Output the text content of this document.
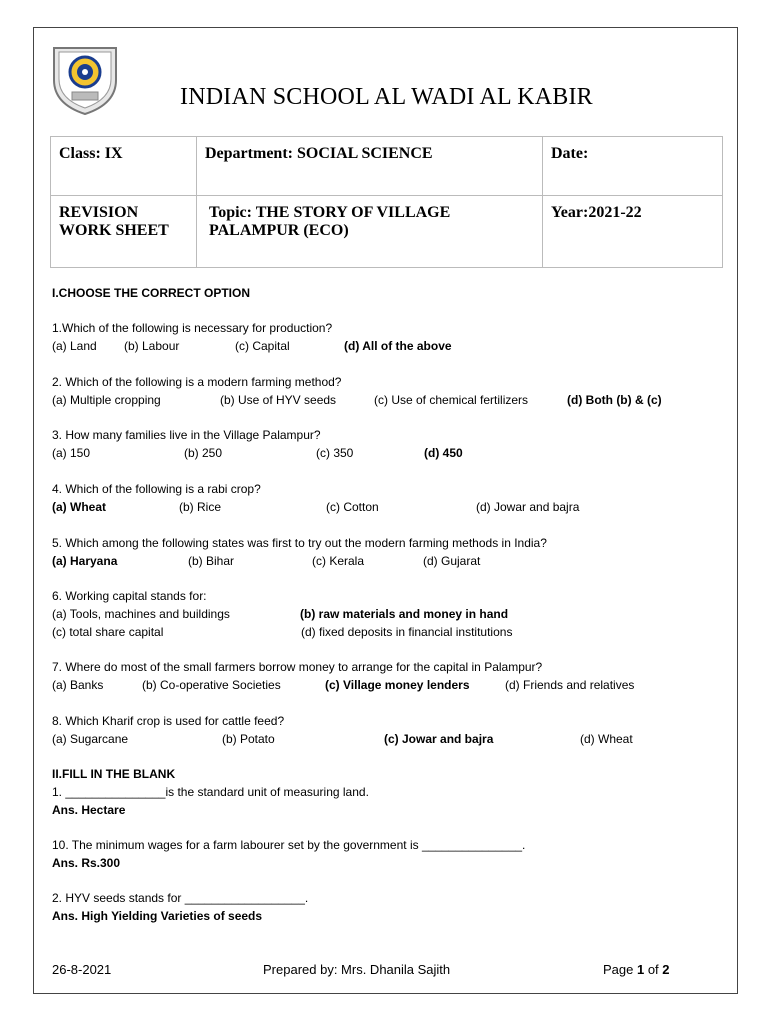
INDIAN SCHOOL AL WADI AL KABIR
Class: IX	Department: SOCIAL SCIENCE	Date:
REVISION WORK SHEET	Topic: THE STORY OF VILLAGE PALAMPUR (ECO)	Year:2021-22
I.CHOOSE THE CORRECT OPTION
1.Which of the following is necessary for production?
(a) Land (b) Labour	(c) Capital	(d) All of the above
2. Which of the following is a modern farming method?
(a) Multiple cropping	(b) Use of HYV seeds	(c) Use of chemical fertilizers	(d) Both (b) & (c)
3. How many families live in the Village Palampur?
(a) 150	(b) 250	(c) 350	(d) 450
4. Which of the following is a rabi crop?
(a) Wheat	(b) Rice	(c) Cotton	(d) Jowar and bajra
5. Which among the following states was first to try out the modern farming methods in India?
(a) Haryana	(b) Bihar	(c) Kerala	(d) Gujarat
6. Working capital stands for:
(a) Tools, machines and buildings	(b) raw materials and money in hand
(c) total share capital	(d) fixed deposits in financial institutions
7. Where do most of the small farmers borrow money to arrange for the capital in Palampur?
(a) Banks	(b) Co-operative Societies	(c) Village money lenders	(d) Friends and relatives
8. Which Kharif crop is used for cattle feed?
(a) Sugarcane	(b) Potato	(c) Jowar and bajra	(d) Wheat
II.FILL IN THE BLANK
1. _______________is the standard unit of measuring land.
Ans. Hectare
10. The minimum wages for a farm labourer set by the government is _______________.
Ans. Rs.300
2. HYV seeds stands for __________________.
Ans. High Yielding Varieties of seeds
26-8-2021	Prepared by: Mrs. Dhanila Sajith	Page 1 of 2
